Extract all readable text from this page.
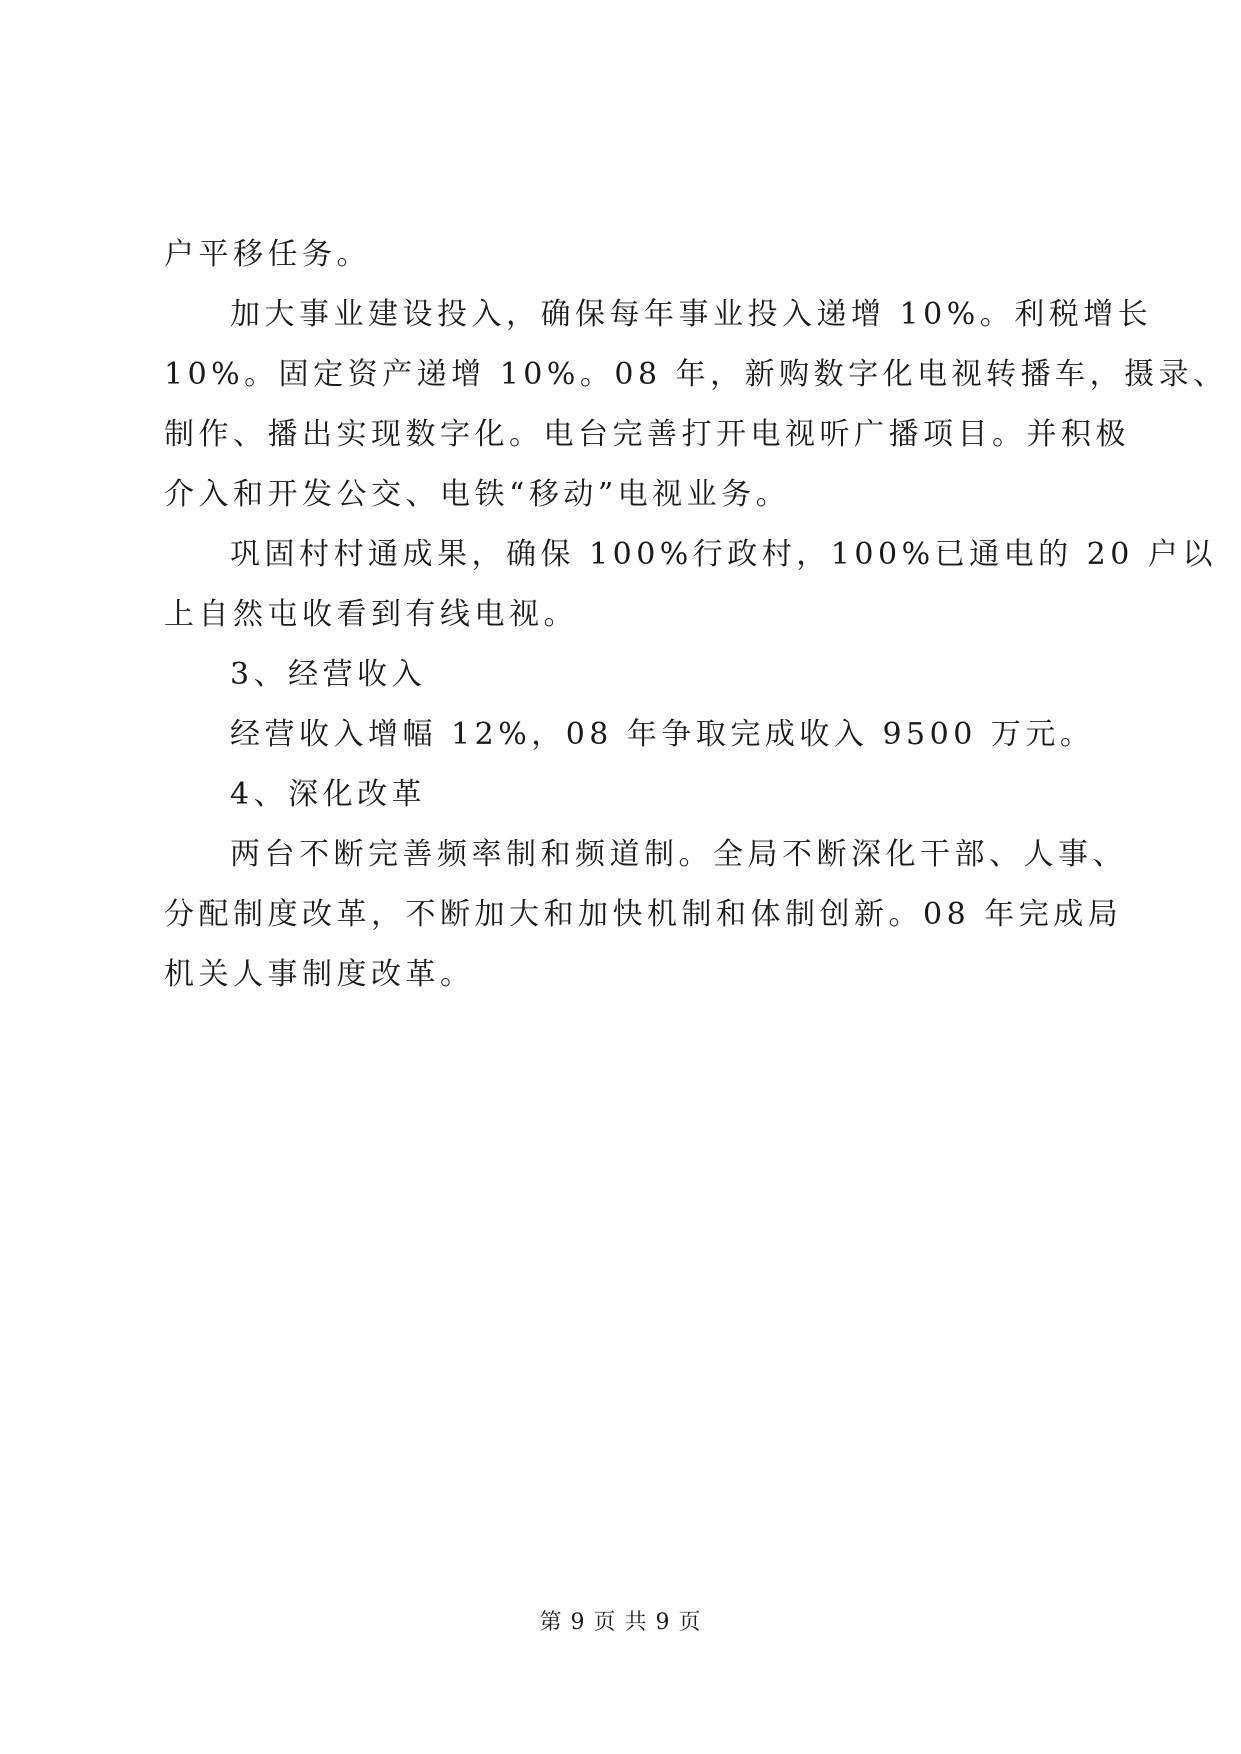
户平移任务。
加大事业建设投入，确保每年事业投入递增 10%。利税增长
10%。固定资产递增 10%。08 年，新购数字化电视转播车，摄录、
制作、播出实现数字化。电台完善打开电视听广播项目。并积极
介入和开发公交、电铁“移动”电视业务。
巩固村村通成果，确保 100%行政村，100%已通电的 20 户以
上自然屯收看到有线电视。
3、经营收入
经营收入增幅 12%，08 年争取完成收入 9500 万元。
4、深化改革
两台不断完善频率制和频道制。全局不断深化干部、人事、
分配制度改革，不断加大和加快机制和体制创新。08 年完成局
机关人事制度改革。
第 9 页 共 9 页
